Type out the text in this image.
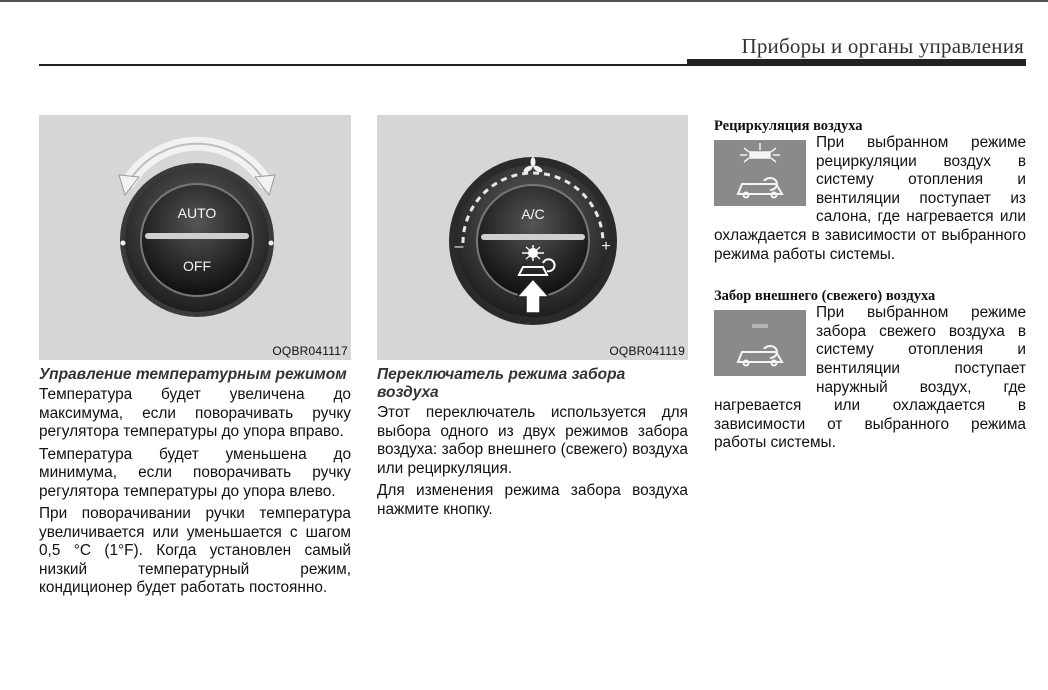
Приборы и органы управления
AUTO
OFF
OQBR041117
Управление температурным режимом

Температура будет увеличена до максимума, если поворачивать ручку регулятора температуры до упора вправо.

Температура будет уменьшена до минимума, если поворачивать ручку регулятора температуры до упора влево.

При поворачивании ручки температура увеличивается или уменьшается с шагом 0,5 °C (1°F). Когда установлен самый низкий температурный режим, кондиционер будет работать постоянно.

–	+
A/C
OQBR041119
Переключатель режима забора воздуха

Этот переключатель используется для выбора одного из двух режимов забора воздуха: забор внешнего (свежего) воздуха или рециркуляция.

Для изменения режима забора воздуха нажмите кнопку.

Рециркуляция воздуха

При выбранном режиме рециркуляции воздух в систему отопления и вентиляции поступает из салона, где нагревается или охлаждается в зависимости от выбранного режима работы системы.

Забор внешнего (свежего) воздуха

При выбранном режиме забора свежего воздуха в систему отопления и вентиляции поступает наружный воздух, где нагревается или охлаждается в зависимости от выбранного режима работы системы.
